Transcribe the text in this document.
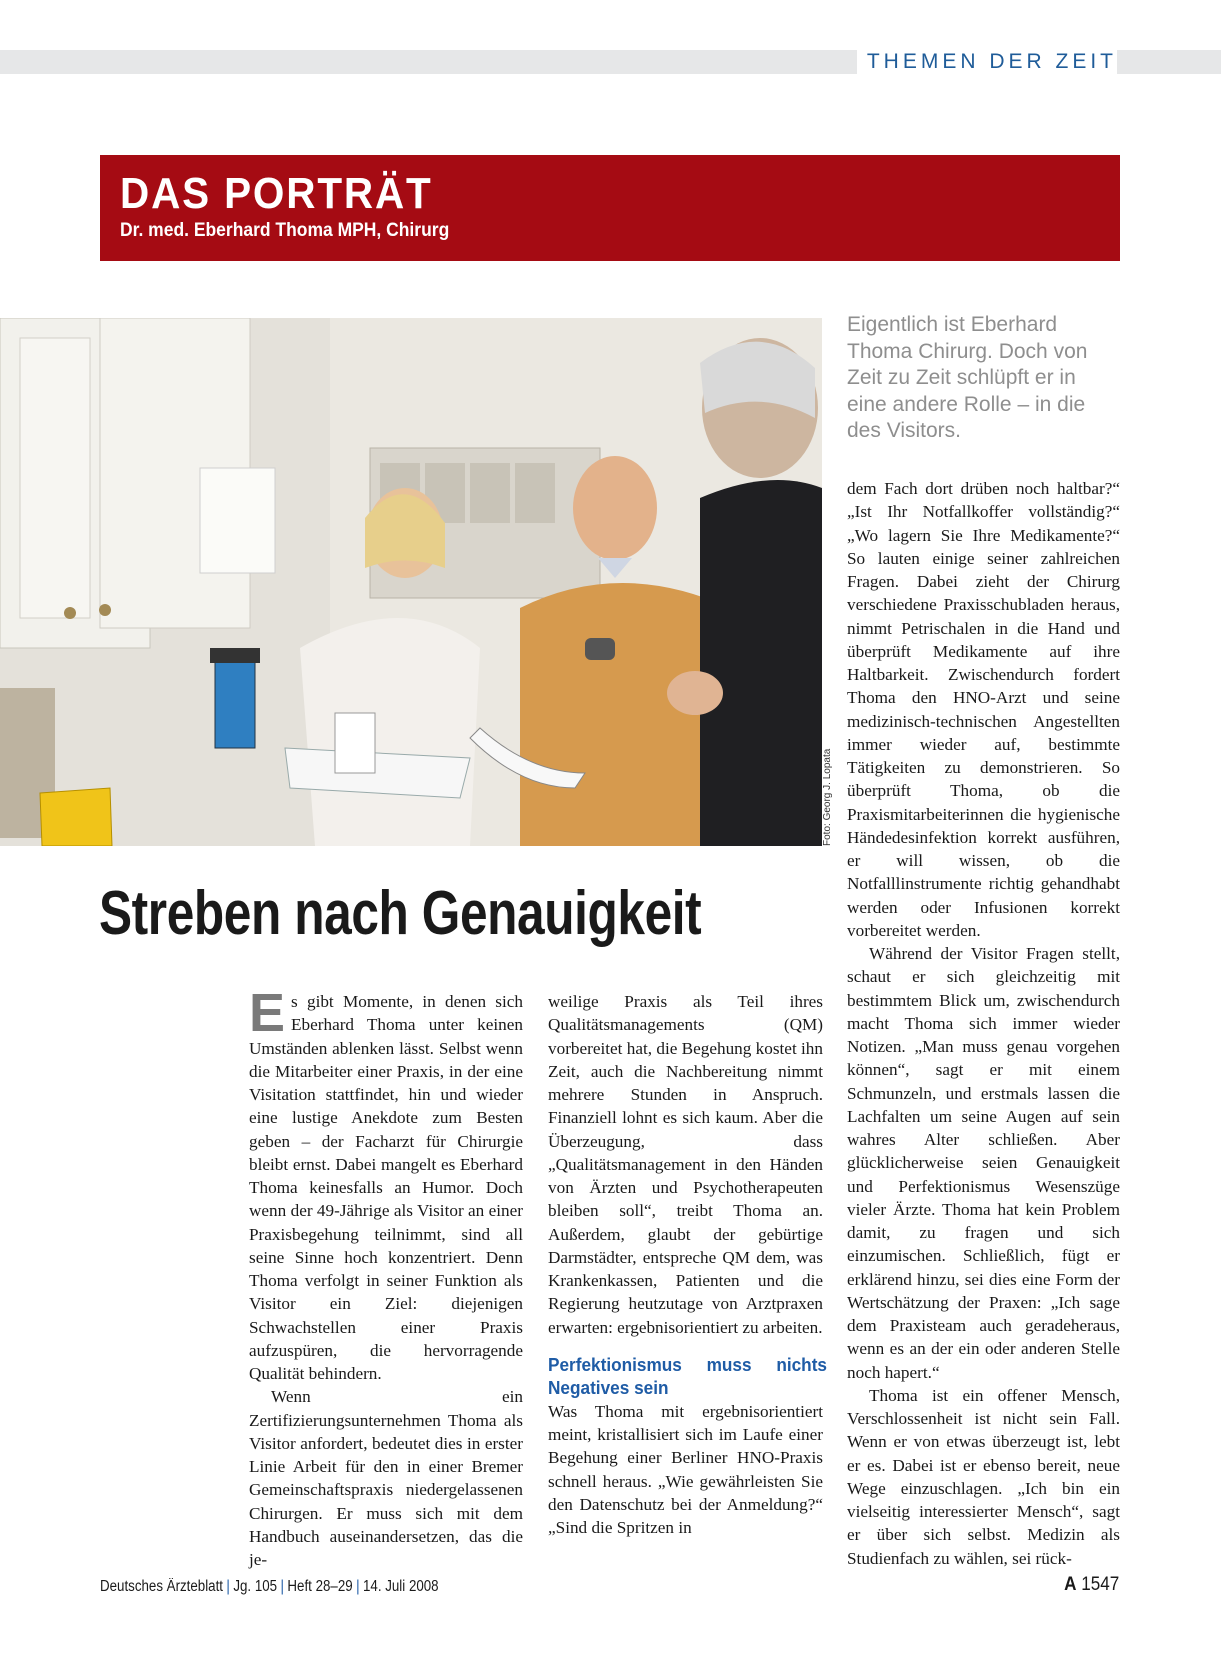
THEMEN DER ZEIT
DAS PORTRÄT
Dr. med. Eberhard Thoma MPH, Chirurg
Foto: Georg J. Lopata
Eigentlich ist Eberhard Thoma Chirurg. Doch von Zeit zu Zeit schlüpft er in eine andere Rolle – in die des Visitors.
Streben nach Genauigkeit

Es gibt Momente, in denen sich Eberhard Thoma unter keinen Umständen ablenken lässt. Selbst wenn die Mitarbeiter einer Praxis, in der eine Visitation stattfindet, hin und wieder eine lustige Anekdote zum Besten geben – der Facharzt für Chirurgie bleibt ernst. Dabei mangelt es Eberhard Thoma keinesfalls an Humor. Doch wenn der 49-Jährige als Visitor an einer Praxisbegehung teilnimmt, sind all seine Sinne hoch konzentriert. Denn Thoma verfolgt in seiner Funktion als Visitor ein Ziel: diejenigen Schwachstellen einer Praxis aufzuspüren, die hervorragende Qualität behindern.

Wenn ein Zertifizierungsunternehmen Thoma als Visitor anfordert, bedeutet dies in erster Linie Arbeit für den in einer Bremer Gemeinschaftspraxis niedergelassenen Chirurgen. Er muss sich mit dem Handbuch auseinandersetzen, das die je-

weilige Praxis als Teil ihres Qualitätsmanagements (QM) vorbereitet hat, die Begehung kostet ihn Zeit, auch die Nachbereitung nimmt mehrere Stunden in Anspruch. Finanziell lohnt es sich kaum. Aber die Überzeugung, dass „Qualitätsmanagement in den Händen von Ärzten und Psychotherapeuten bleiben soll“, treibt Thoma an. Außerdem, glaubt der gebürtige Darmstädter, entspreche QM dem, was Krankenkassen, Patienten und die Regierung heutzutage von Arztpraxen erwarten: ergebnisorientiert zu arbeiten.

Perfektionismus muss nichts Negatives sein

Was Thoma mit ergebnisorientiert meint, kristallisiert sich im Laufe einer Begehung einer Berliner HNO-Praxis schnell heraus. „Wie gewährleisten Sie den Datenschutz bei der Anmeldung?“ „Sind die Spritzen in

dem Fach dort drüben noch haltbar?“ „Ist Ihr Notfallkoffer vollständig?“ „Wo lagern Sie Ihre Medikamente?“ So lauten einige seiner zahlreichen Fragen. Dabei zieht der Chirurg verschiedene Praxisschubladen heraus, nimmt Petrischalen in die Hand und überprüft Medikamente auf ihre Haltbarkeit. Zwischendurch fordert Thoma den HNO-Arzt und seine medizinisch-technischen Angestellten immer wieder auf, bestimmte Tätigkeiten zu demonstrieren. So überprüft Thoma, ob die Praxismitarbeiterinnen die hygienische Händedesinfektion korrekt ausführen, er will wissen, ob die Notfalllinstrumente richtig gehandhabt werden oder Infusionen korrekt vorbereitet werden.

Während der Visitor Fragen stellt, schaut er sich gleichzeitig mit bestimmtem Blick um, zwischendurch macht Thoma sich immer wieder Notizen. „Man muss genau vorgehen können“, sagt er mit einem Schmunzeln, und erstmals lassen die Lachfalten um seine Augen auf sein wahres Alter schließen. Aber glücklicherweise seien Genauigkeit und Perfektionismus Wesenszüge vieler Ärzte. Thoma hat kein Problem damit, zu fragen und sich einzumischen. Schließlich, fügt er erklärend hinzu, sei dies eine Form der Wertschätzung der Praxen: „Ich sage dem Praxisteam auch geradeheraus, wenn es an der ein oder anderen Stelle noch hapert.“

Thoma ist ein offener Mensch, Verschlossenheit ist nicht sein Fall. Wenn er von etwas überzeugt ist, lebt er es. Dabei ist er ebenso bereit, neue Wege einzuschlagen. „Ich bin ein vielseitig interessierter Mensch“, sagt er über sich selbst. Medizin als Studienfach zu wählen, sei rück-

Deutsches Ärzteblatt | Jg. 105 | Heft 28–29 | 14. Juli 2008	A 1547
